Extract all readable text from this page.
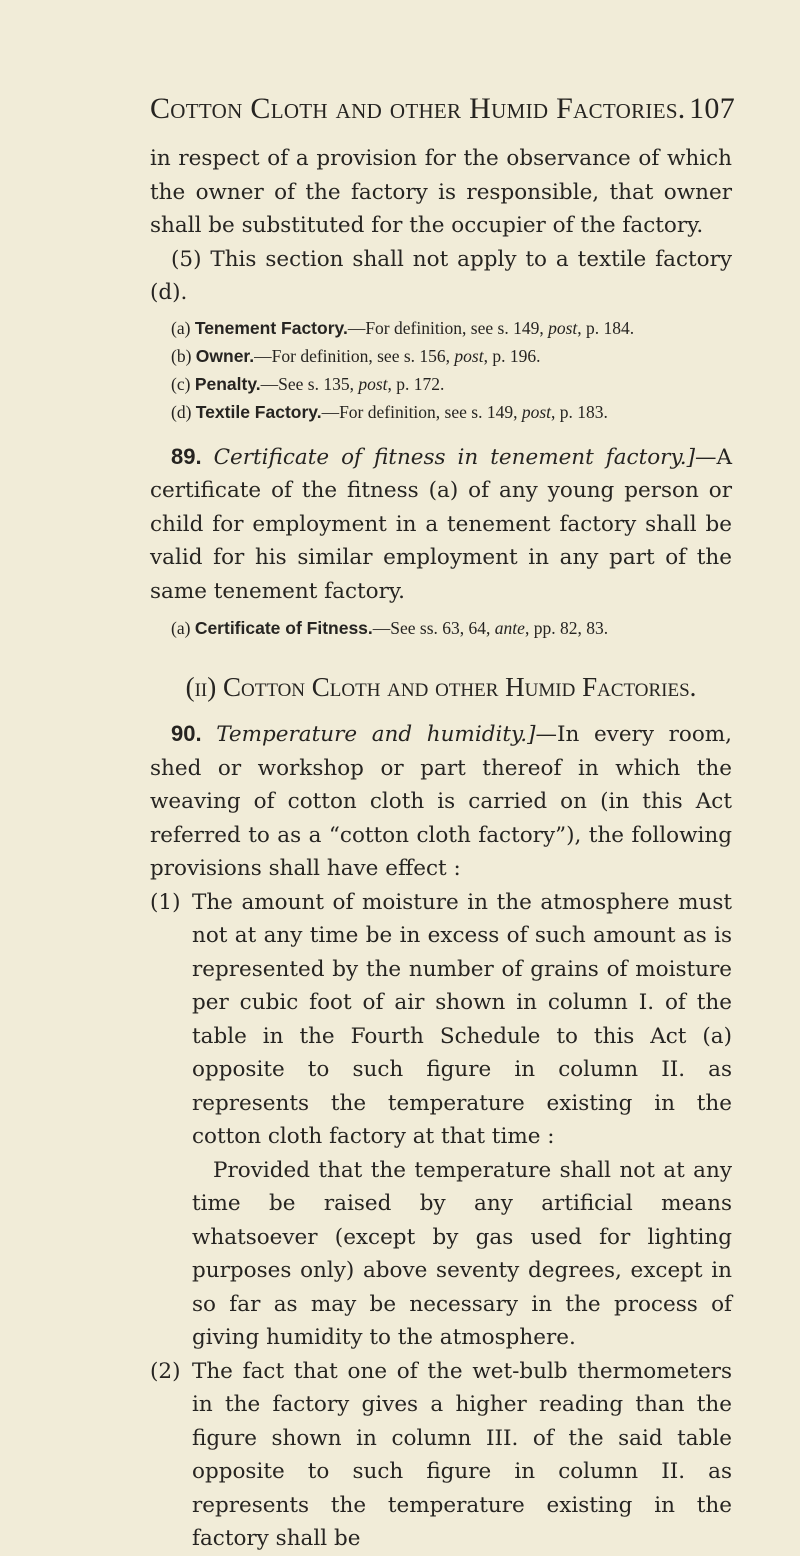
Cotton Cloth and other Humid Factories. 107

in respect of a provision for the observance of which the owner of the factory is responsible, that owner shall be substituted for the occupier of the factory.

(5) This section shall not apply to a textile factory (d).

(a) Tenement Factory.—For definition, see s. 149, post, p. 184.

(b) Owner.—For definition, see s. 156, post, p. 196.

(c) Penalty.—See s. 135, post, p. 172.

(d) Textile Factory.—For definition, see s. 149, post, p. 183.

89. Certificate of fitness in tenement factory.]—A certificate of the fitness (a) of any young person or child for employment in a tenement factory shall be valid for his similar employment in any part of the same tenement factory.

(a) Certificate of Fitness.—See ss. 63, 64, ante, pp. 82, 83.

(ii) Cotton Cloth and other Humid Factories.

90. Temperature and humidity.]—In every room, shed or workshop or part thereof in which the weaving of cotton cloth is carried on (in this Act referred to as a “cotton cloth factory”), the following provisions shall have effect :

(1) The amount of moisture in the atmosphere must not at any time be in excess of such amount as is represented by the number of grains of moisture per cubic foot of air shown in column I. of the table in the Fourth Schedule to this Act (a) opposite to such figure in column II. as represents the temperature existing in the cotton cloth factory at that time :
Provided that the temperature shall not at any time be raised by any artificial means whatsoever (except by gas used for lighting purposes only) above seventy degrees, except in so far as may be necessary in the process of giving humidity to the atmosphere.
(2) The fact that one of the wet-bulb thermometers in the factory gives a higher reading than the figure shown in column III. of the said table opposite to such figure in column II. as represents the temperature existing in the factory shall be
